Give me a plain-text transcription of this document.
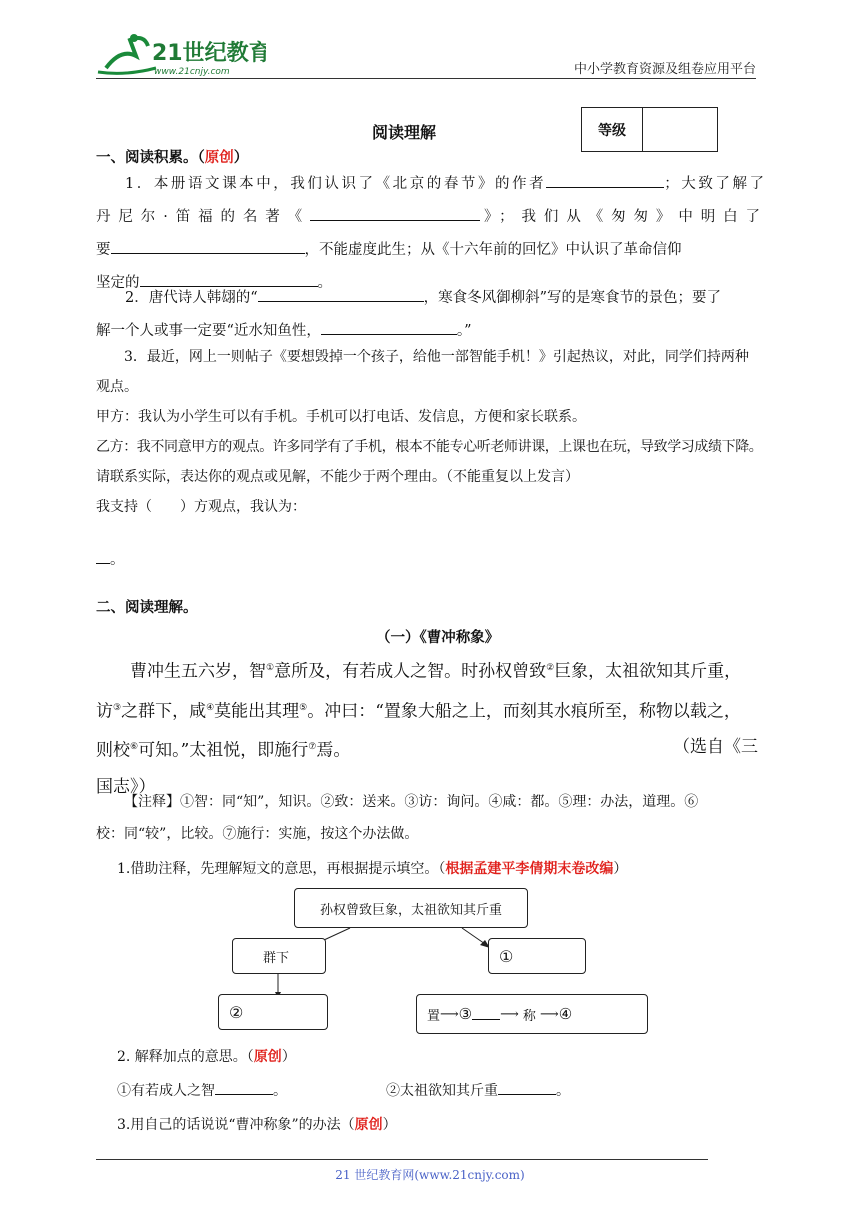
21世纪教育
www.21cnjy.com	中小学教育资源及组卷应用平台
阅读理解	等级
一、阅读积累。（原创）

1．本册语文课本中，我们认识了《北京的春节》的作者	；大致了解了

丹尼尔·笛福的名著《	》；我们从《匆匆》中明白了

要	，不能虚度此生；从《十六年前的回忆》中认识了革命信仰

坚定的	。

2．唐代诗人韩翃的“	，寒食冬风御柳斜”写的是寒食节的景色；要了

解一个人或事一定要“近水知鱼性，	。”

3．最近，网上一则帖子《要想毁掉一个孩子，给他一部智能手机！》引起热议，对此，同学们持两种

观点。

甲方：我认为小学生可以有手机。手机可以打电话、发信息，方便和家长联系。

乙方：我不同意甲方的观点。许多同学有了手机，根本不能专心听老师讲课，上课也在玩，导致学习成绩下降。

请联系实际，表达你的观点或见解，不能少于两个理由。（不能重复以上发言）

我支持（　　）方观点，我认为：

。
二、阅读理解。
（一）《曹冲称象》

曹冲生五六岁，智①意所及，有若成人之智。时孙权曾致②巨象，太祖欲知其斤重，

访③之群下，咸④莫能出其理⑤。冲曰：“置象大船之上，而刻其水痕所至，称物以载之，

则校⑥可知。”太祖悦，即施行⑦焉。	（选自《三

国志》）

【注释】①智：同“知”，知识。②致：送来。③访：询问。④咸：都。⑤理：办法，道理。⑥

校：同“较”，比较。⑦施行：实施，按这个办法做。

1.借助注释，先理解短文的意思，再根据提示填空。（根据孟建平李倩期末卷改编）
孙权曾致巨象，太祖欲知其斤重
群下	①
②	置 ⟶ ③ ⟶ 称 ⟶ ④
2. 解释加点的意思。（原创）
①有若成人之智	。	②太祖欲知其斤重	。
3.用自己的话说说“曹冲称象”的办法（原创）
21 世纪教育网(www.21cnjy.com)
